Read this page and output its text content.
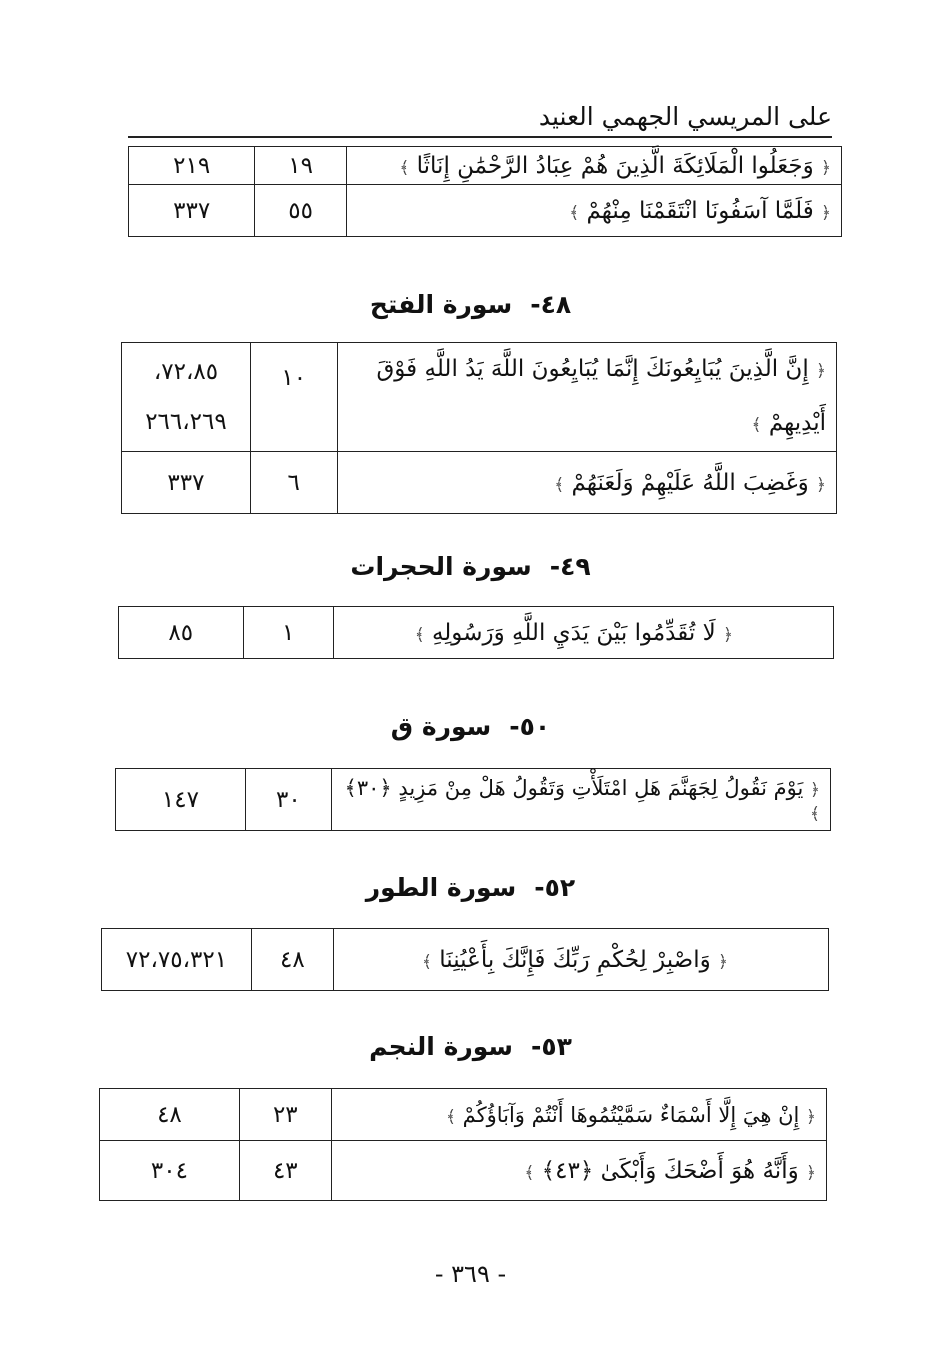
على المريسي الجهمي العنيد
﴿ وَجَعَلُوا الْمَلَائِكَةَ الَّذِينَ هُمْ عِبَادُ الرَّحْمَٰنِ إِنَاثًا ﴾	١٩	٢١٩
﴿ فَلَمَّا آسَفُونَا انْتَقَمْنَا مِنْهُمْ ﴾	٥٥	٣٣٧
٤٨-سورة الفتح
﴿ إِنَّ الَّذِينَ يُبَايِعُونَكَ إِنَّمَا يُبَايِعُونَ اللَّهَ يَدُ اللَّهِ فَوْقَ أَيْدِيهِمْ ﴾	١٠	٧٢،٨٥، ٢٦٦،٢٦٩
﴿ وَغَضِبَ اللَّهُ عَلَيْهِمْ وَلَعَنَهُمْ ﴾	٦	٣٣٧
٤٩-سورة الحجرات
﴿ لَا تُقَدِّمُوا بَيْنَ يَدَيِ اللَّهِ وَرَسُولِهِ ﴾	١	٨٥
٥٠-سورة ق
﴿ يَوْمَ نَقُولُ لِجَهَنَّمَ هَلِ امْتَلَأْتِ وَتَقُولُ هَلْ مِنْ مَزِيدٍ ﴿٣٠﴾ ﴾	٣٠	١٤٧
٥٢-سورة الطور
﴿ وَاصْبِرْ لِحُكْمِ رَبِّكَ فَإِنَّكَ بِأَعْيُنِنَا ﴾	٤٨	٧٢،٧٥،٣٢١
٥٣-سورة النجم
﴿ إِنْ هِيَ إِلَّا أَسْمَاءٌ سَمَّيْتُمُوهَا أَنْتُمْ وَآبَاؤُكُمْ ﴾	٢٣	٤٨
﴿ وَأَنَّهُ هُوَ أَضْحَكَ وَأَبْكَىٰ ﴿٤٣﴾ ﴾	٤٣	٣٠٤
- ٣٦٩ -
